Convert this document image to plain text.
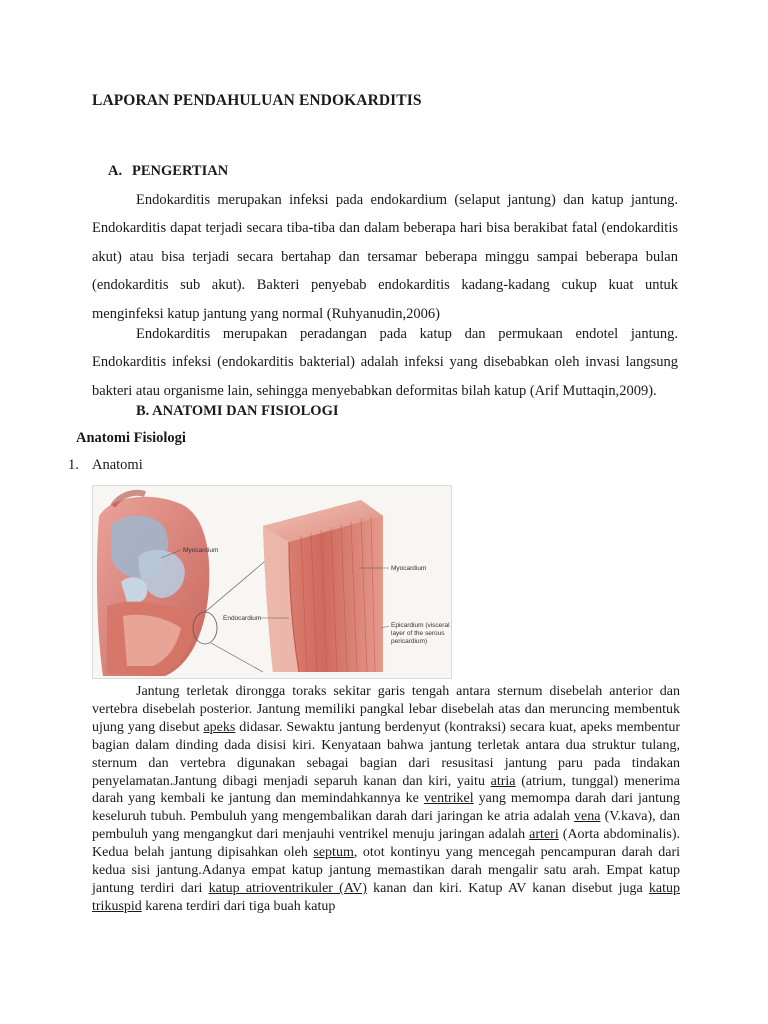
LAPORAN PENDAHULUAN ENDOKARDITIS
A. PENGERTIAN

Endokarditis merupakan infeksi pada endokardium (selaput jantung) dan katup jantung. Endokarditis dapat terjadi secara tiba-tiba dan dalam beberapa hari bisa berakibat fatal (endokarditis akut) atau bisa terjadi secara bertahap dan tersamar beberapa minggu sampai beberapa bulan (endokarditis sub akut). Bakteri penyebab endokarditis kadang-kadang cukup kuat untuk menginfeksi katup jantung yang normal (Ruhyanudin,2006)

Endokarditis merupakan peradangan pada katup dan permukaan endotel jantung. Endokarditis infeksi (endokarditis bakterial) adalah infeksi yang disebabkan oleh invasi langsung bakteri atau organisme lain, sehingga menyebabkan deformitas bilah katup (Arif Muttaqin,2009).

B. ANATOMI DAN FISIOLOGI
Anatomi Fisiologi
1. Anatomi
Myocardium
Myocardium
Endocardium
Epicardium (visceral
layer of the serous
pericardium)

Jantung terletak dirongga toraks sekitar garis tengah antara sternum disebelah anterior dan vertebra disebelah posterior. Jantung memiliki pangkal lebar disebelah atas dan meruncing membentuk ujung yang disebut apeks didasar. Sewaktu jantung berdenyut (kontraksi) secara kuat, apeks membentur bagian dalam dinding dada disisi kiri. Kenyataan bahwa jantung terletak antara dua struktur tulang, sternum dan vertebra digunakan sebagai bagian dari resusitasi jantung paru pada tindakan penyelamatan.Jantung dibagi menjadi separuh kanan dan kiri, yaitu atria (atrium, tunggal) menerima darah yang kembali ke jantung dan memindahkannya ke ventrikel yang memompa darah dari jantung keseluruh tubuh. Pembuluh yang mengembalikan darah dari jaringan ke atria adalah vena (V.kava), dan pembuluh yang mengangkut dari menjauhi ventrikel menuju jaringan adalah arteri (Aorta abdominalis). Kedua belah jantung dipisahkan oleh septum, otot kontinyu yang mencegah pencampuran darah dari kedua sisi jantung.Adanya empat katup jantung memastikan darah mengalir satu arah. Empat katup jantung terdiri dari katup atrioventrikuler (AV) kanan dan kiri. Katup AV kanan disebut juga katup trikuspid karena terdiri dari tiga buah katup
